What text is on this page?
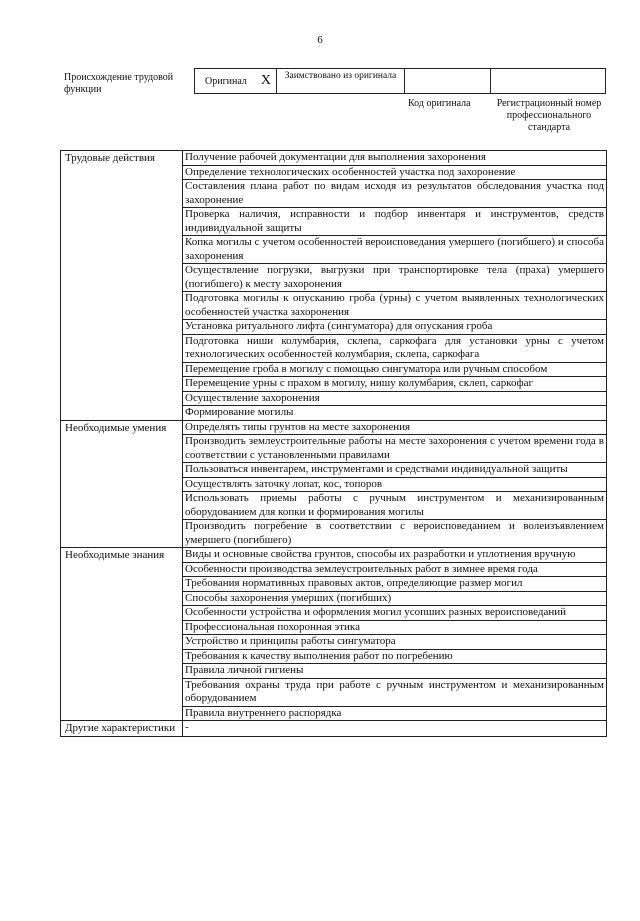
6
Происхождение трудовой функции
Оригинал X	Заимствовано из оригинала
Код оригинала	Регистрационный номер профессионального стандарта
Трудовые действия	Получение рабочей документации для выполнения захоронения
	Определение технологических особенностей участка под захоронение
	Составления плана работ по видам исходя из результатов обследования участка под захоронение
	Проверка наличия, исправности и подбор инвентаря и инструментов, средств индивидуальной защиты
	Копка могилы с учетом особенностей вероисповедания умершего (погибшего) и способа захоронения
	Осуществление погрузки, выгрузки при транспортировке тела (праха) умершего (погибшего) к месту захоронения
	Подготовка могилы к опусканию гроба (урны) с учетом выявленных технологических особенностей участка захоронения
	Установка ритуального лифта (сингуматора) для опускания гроба
	Подготовка ниши колумбария, склепа, саркофага для установки урны с учетом технологических особенностей колумбария, склепа, саркофага
	Перемещение гроба в могилу с помощью сингуматора или ручным способом
	Перемещение урны с прахом в могилу, нишу колумбария, склеп, саркофаг
	Осуществление захоронения
	Формирование могилы
Необходимые умения	Определять типы грунтов на месте захоронения
	Производить землеустроительные работы на месте захоронения с учетом времени года в соответствии с установленными правилами
	Пользоваться инвентарем, инструментами и средствами индивидуальной защиты
	Осуществлять заточку лопат, кос, топоров
	Использовать приемы работы с ручным инструментом и механизированным оборудованием для копки и формирования могилы
	Производить погребение в соответствии с вероисповеданием и волеизъявлением умершего (погибшего)
Необходимые знания	Виды и основные свойства грунтов, способы их разработки и уплотнения вручную
	Особенности производства землеустроительных работ в зимнее время года
	Требования нормативных правовых актов, определяющие размер могил
	Способы захоронения умерших (погибших)
	Особенности устройства и оформления могил усопших разных вероисповеданий
	Профессиональная похоронная этика
	Устройство и принципы работы сингуматора
	Требования к качеству выполнения работ по погребению
	Правила личной гигиены
	Требования охраны труда при работе с ручным инструментом и механизированным оборудованием
	Правила внутреннего распорядка
Другие характеристики	-
